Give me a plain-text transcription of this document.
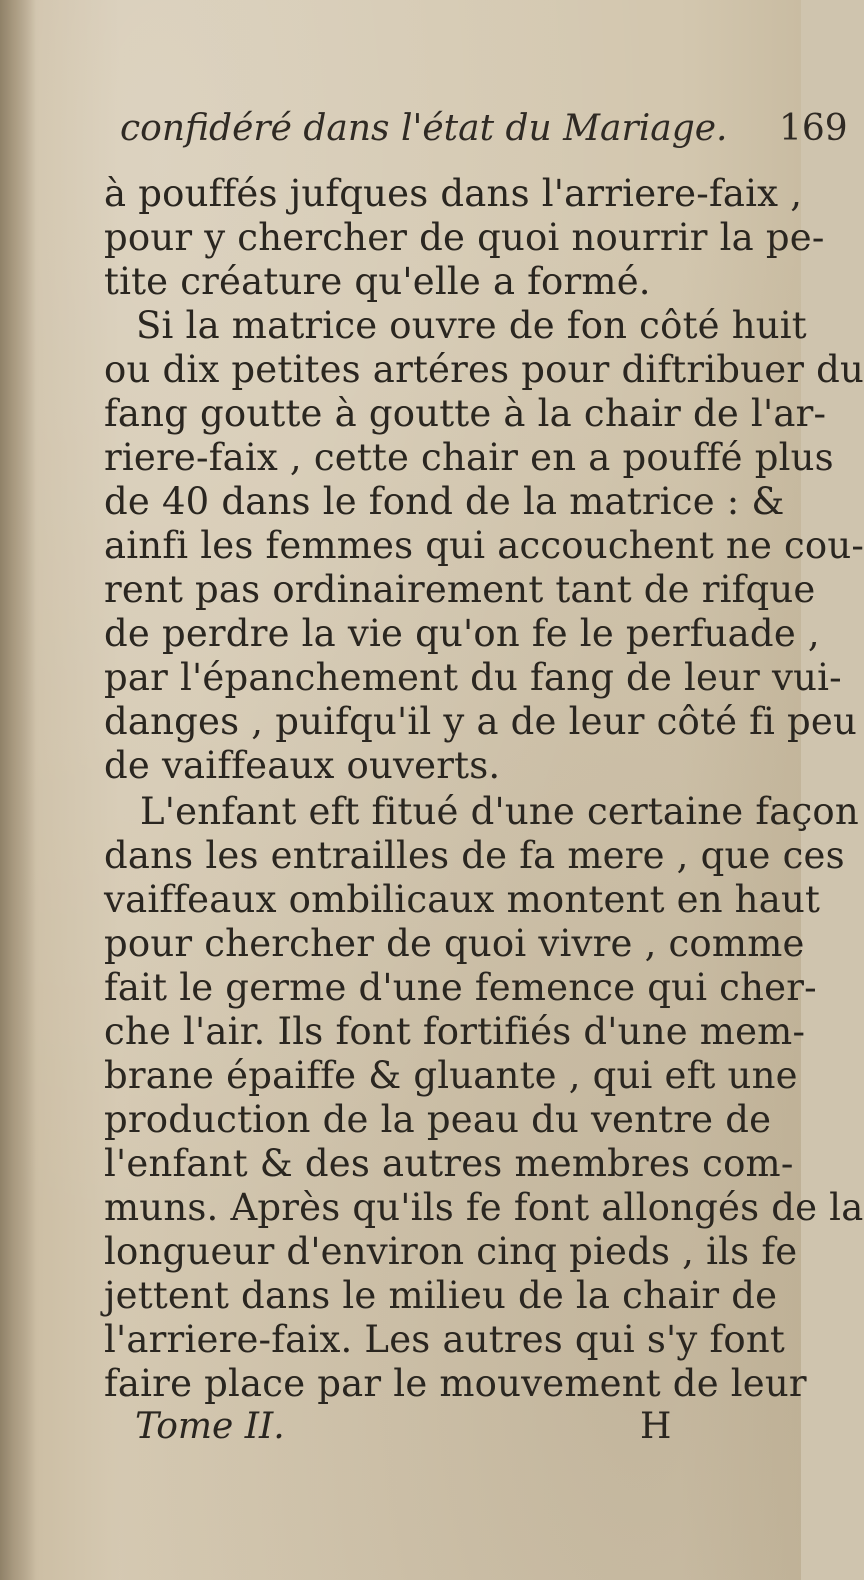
confidéré dans l'état du Mariage. 169
à pouffés jufques dans l'arriere-faix ,
pour y chercher de quoi nourrir la pe-
tite créature qu'elle a formé.
Si la matrice ouvre de fon côté huit
ou dix petites artéres pour diftribuer du
fang goutte à goutte à la chair de l'ar-
riere-faix , cette chair en a pouffé plus
de 40 dans le fond de la matrice : &
ainfi les femmes qui accouchent ne cou-
rent pas ordinairement tant de rifque
de perdre la vie qu'on fe le perfuade ,
par l'épanchement du fang de leur vui-
danges , puifqu'il y a de leur côté fi peu
de vaiffeaux ouverts.
L'enfant eft fitué d'une certaine façon
dans les entrailles de fa mere , que ces
vaiffeaux ombilicaux montent en haut
pour chercher de quoi vivre , comme
fait le germe d'une femence qui cher-
che l'air. Ils font fortifiés d'une mem-
brane épaiffe & gluante , qui eft une
production de la peau du ventre de
l'enfant & des autres membres com-
muns. Après qu'ils fe font allongés de la
longueur d'environ cinq pieds , ils fe
jettent dans le milieu de la chair de
l'arriere-faix. Les autres qui s'y font
faire place par le mouvement de leur
Tome II.	H
